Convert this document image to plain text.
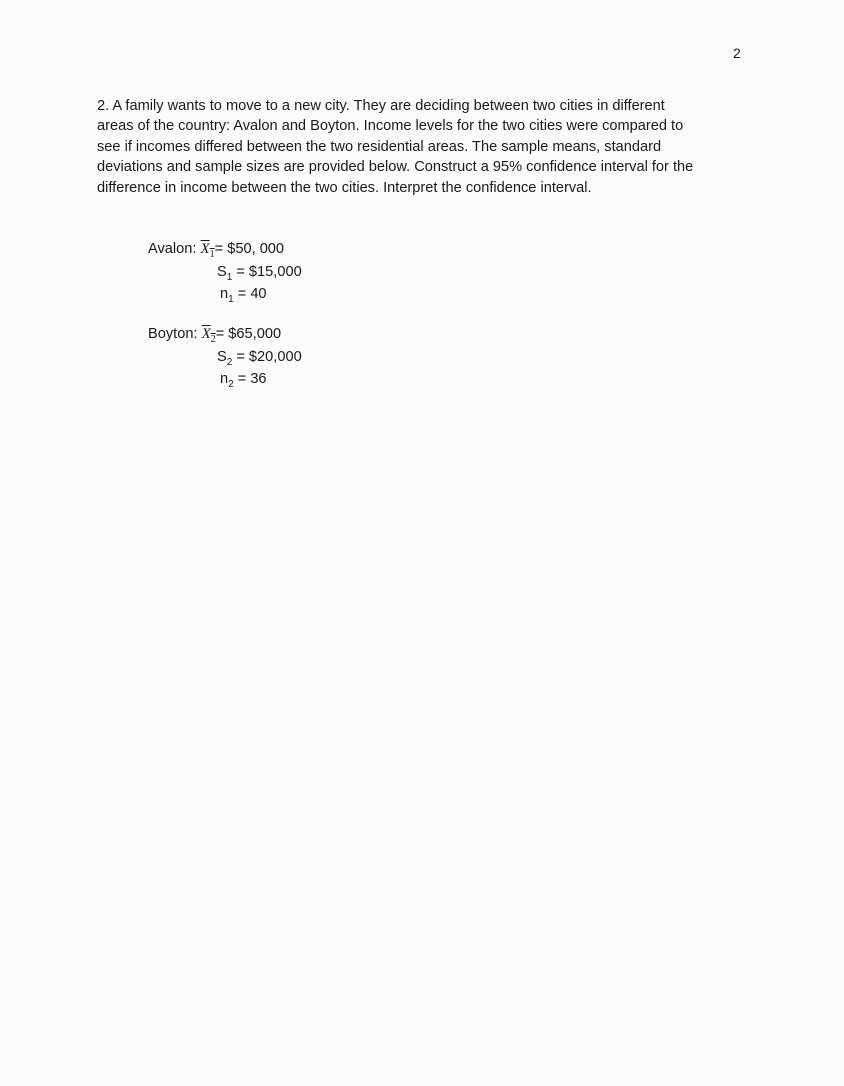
2
2. A family wants to move to a new city. They are deciding between two cities in different
areas of the country: Avalon and Boyton. Income levels for the two cities were compared to
see if incomes differed between the two residential areas. The sample means, standard
deviations and sample sizes are provided below. Construct a 95% confidence interval for the
difference in income between the two cities. Interpret the confidence interval.
Avalon: $X_1=$ $50, 000
$S_1$ = $15,000
$n_1 = 40$
Boyton: $X_2=$ $65,000
$S_2$ = $20,000
$n_2 = 36$
